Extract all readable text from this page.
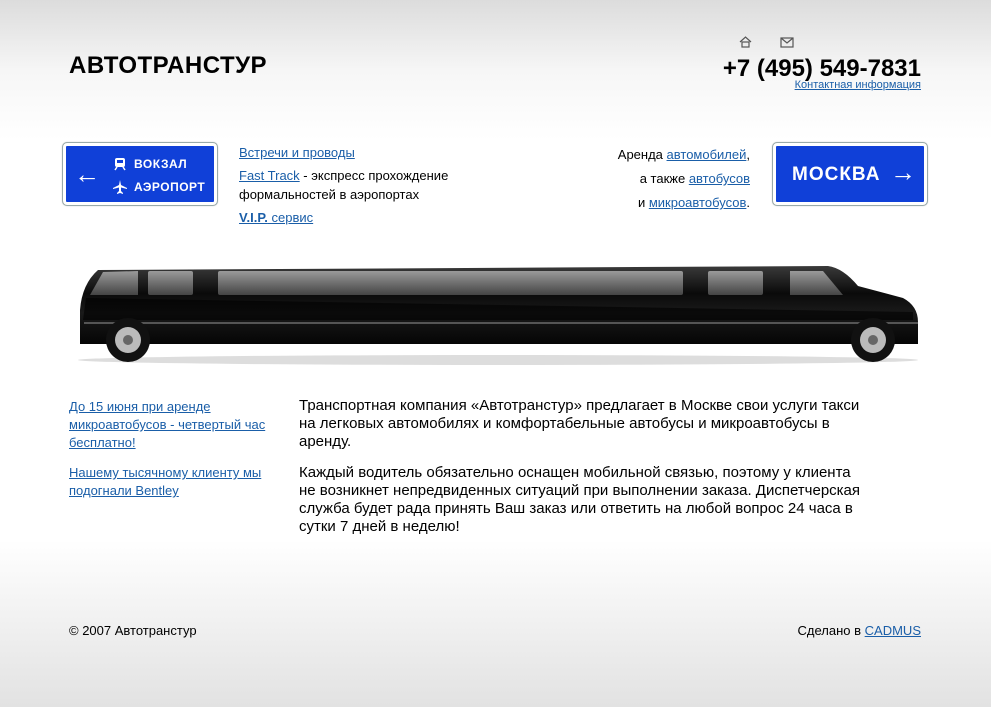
АВТОТРАНСТУР	+7 (495) 549-7831
Контактная информация
←	ВОКЗАЛ
АЭРОПОРТ
МОСКВА →
Встречи и проводы
Fast Track - экспресс прохождение формальностей в аэропортах
V.I.P. сервис
Аренда автомобилей,
а также автобусов
и микроавтобусов.
До 15 июня при аренде микроавтобусов - четвертый час бесплатно!
Нашему тысячному клиенту мы подогнали Bentley

Транспортная компания «Автотранстур» предлагает в Москве свои услуги такси на легковых автомобилях и комфортабельные автобусы и микроавтобусы в аренду.

Каждый водитель обязательно оснащен мобильной связью, поэтому у клиента не возникнет непредвиденных ситуаций при выполнении заказа. Диспетчерская служба будет рада принять Ваш заказ или ответить на любой вопрос 24 часа в сутки 7 дней в неделю!

© 2007 Автотранстур	Сделано в CADMUS
